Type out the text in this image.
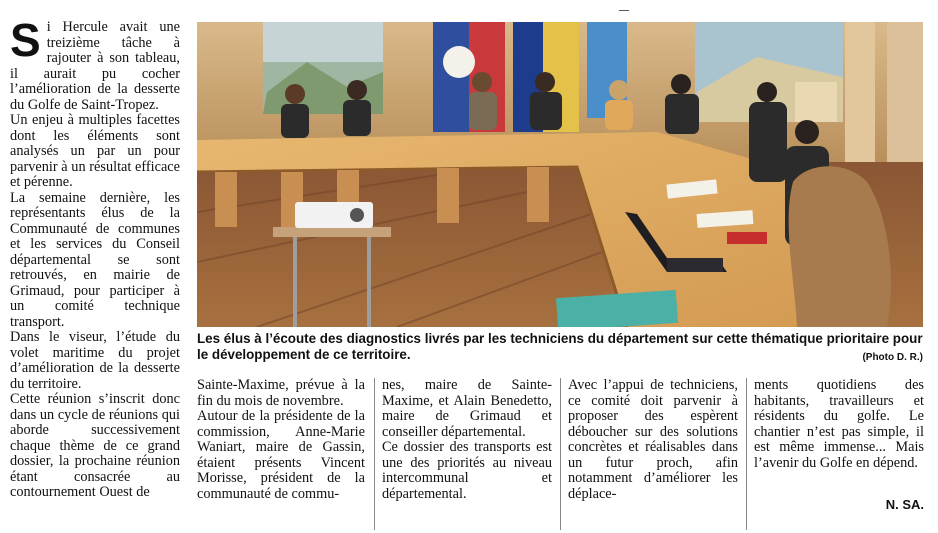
S i Hercule avait une treizième tâche à rajouter à son tableau, il aurait pu cocher l’amélioration de la desserte du Golfe de Saint-Tropez.

Un enjeu à multiples facettes dont les éléments sont analysés un par un pour parvenir à un résultat efficace et pérenne.

La semaine dernière, les représentants élus de la Communauté de communes et les services du Conseil départemental se sont retrouvés, en mairie de Grimaud, pour participer à un comité technique transport.

Dans le viseur, l’étude du volet maritime du projet d’amélioration de la desserte du territoire.

Cette réunion s’inscrit donc dans un cycle de réunions qui aborde successivement chaque thème de ce grand dossier, la prochaine réunion étant consacrée au contournement Ouest de

Les élus à l’écoute des diagnostics livrés par les techniciens du département sur cette thématique prioritaire pour le développement de ce territoire.	(Photo D. R.)

Sainte-Maxime, prévue à la fin du mois de novembre.

Autour de la présidente de la commission, Anne-Marie Waniart, maire de Gassin, étaient présents Vincent Morisse, président de la communauté de commu-

nes, maire de Sainte-Maxime, et Alain Benedetto, maire de Grimaud et conseiller départemental.

Ce dossier des transports est une des priorités au niveau intercommunal et départemental.

Avec l’appui de techniciens, ce comité doit parvenir à proposer des espèrent déboucher sur des solutions concrètes et réalisables dans un futur proch, afin notamment d’améliorer les déplace-

ments quotidiens des habitants, travailleurs et résidents du golfe. Le chantier n’est pas simple, il est même immense... Mais l’avenir du Golfe en dépend.

N. SA.
